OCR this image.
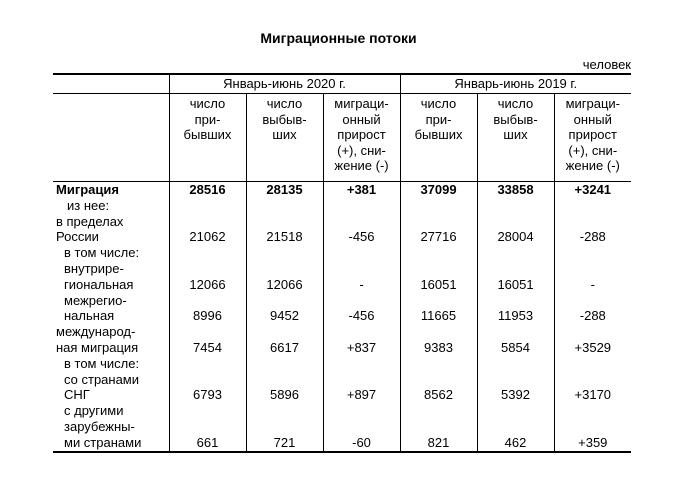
Миграционные потоки
человек
	Январь-июнь 2020 г.			Январь-июнь 2019 г.		

	число
при-
бывших	число
выбыв-
ших	миграци-
онный
прирост
(+), сни-
жение (-)	число
при-
бывших	число
выбыв-
ших	миграци-
онный
прирост
(+), сни-
жение (-)

Миграция	28516	28135	+381	37099	33858	+3241
из нее:						
в пределах
России	21062	21518	-456	27716	28004	-288
в том числе:						
внутрире-
гиональная	12066	12066	-	16051	16051	-
межрегио-
нальная	8996	9452	-456	11665	11953	-288
международ-
ная миграция	7454	6617	+837	9383	5854	+3529
в том числе:						
со странами
СНГ	6793	5896	+897	8562	5392	+3170
с другими
зарубежны-
ми странами	661	721	-60	821	462	+359
